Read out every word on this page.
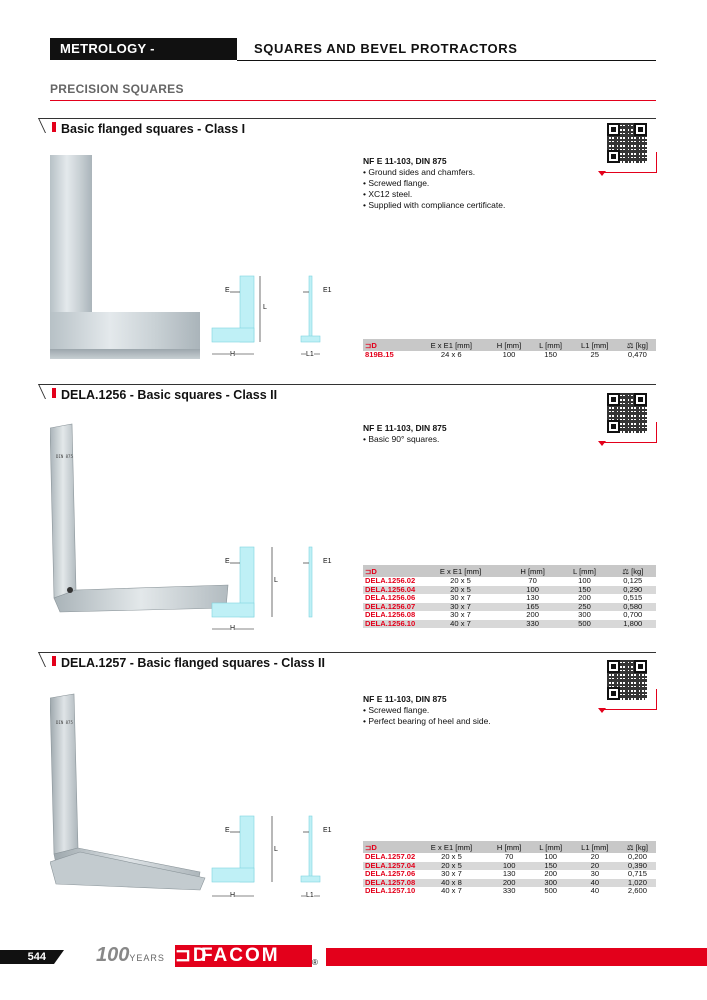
METROLOGY - MEASURING
SQUARES AND BEVEL PROTRACTORS
PRECISION SQUARES
Basic flanged squares - Class I
E
L
H
E1
L1
NF E 11-103, DIN 875
• Ground sides and chamfers.
• Screwed flange.
• XC12 steel.
• Supplied with compliance certificate.
⊐D	E x E1 [mm]	H [mm]	L [mm]	L1 [mm]	⚖ [kg]
819B.15	24 x 6	100	150	25	0,470
DELA.1256 - Basic squares - Class II
DIN 875
E
L
H
E1
NF E 11-103, DIN 875
• Basic 90° squares.
⊐D	E x E1 [mm]	H [mm]	L [mm]	⚖ [kg]
DELA.1256.02	20 x 5	70	100	0,125
DELA.1256.04	20 x 5	100	150	0,290
DELA.1256.06	30 x 7	130	200	0,515
DELA.1256.07	30 x 7	165	250	0,580
DELA.1256.08	30 x 7	200	300	0,700
DELA.1256.10	40 x 7	330	500	1,800
DELA.1257 - Basic flanged squares - Class II
DIN 875
E
L
H
E1
L1
NF E 11-103, DIN 875
• Screwed flange.
• Perfect bearing of heel and side.
⊐D	E x E1 [mm]	H [mm]	L [mm]	L1 [mm]	⚖ [kg]
DELA.1257.02	20 x 5	70	100	20	0,200
DELA.1257.04	20 x 5	100	150	20	0,390
DELA.1257.06	30 x 7	130	200	30	0,715
DELA.1257.08	40 x 8	200	300	40	1,020
DELA.1257.10	40 x 7	330	500	40	2,600
544	100YEARS ⊐DFACOM	®
